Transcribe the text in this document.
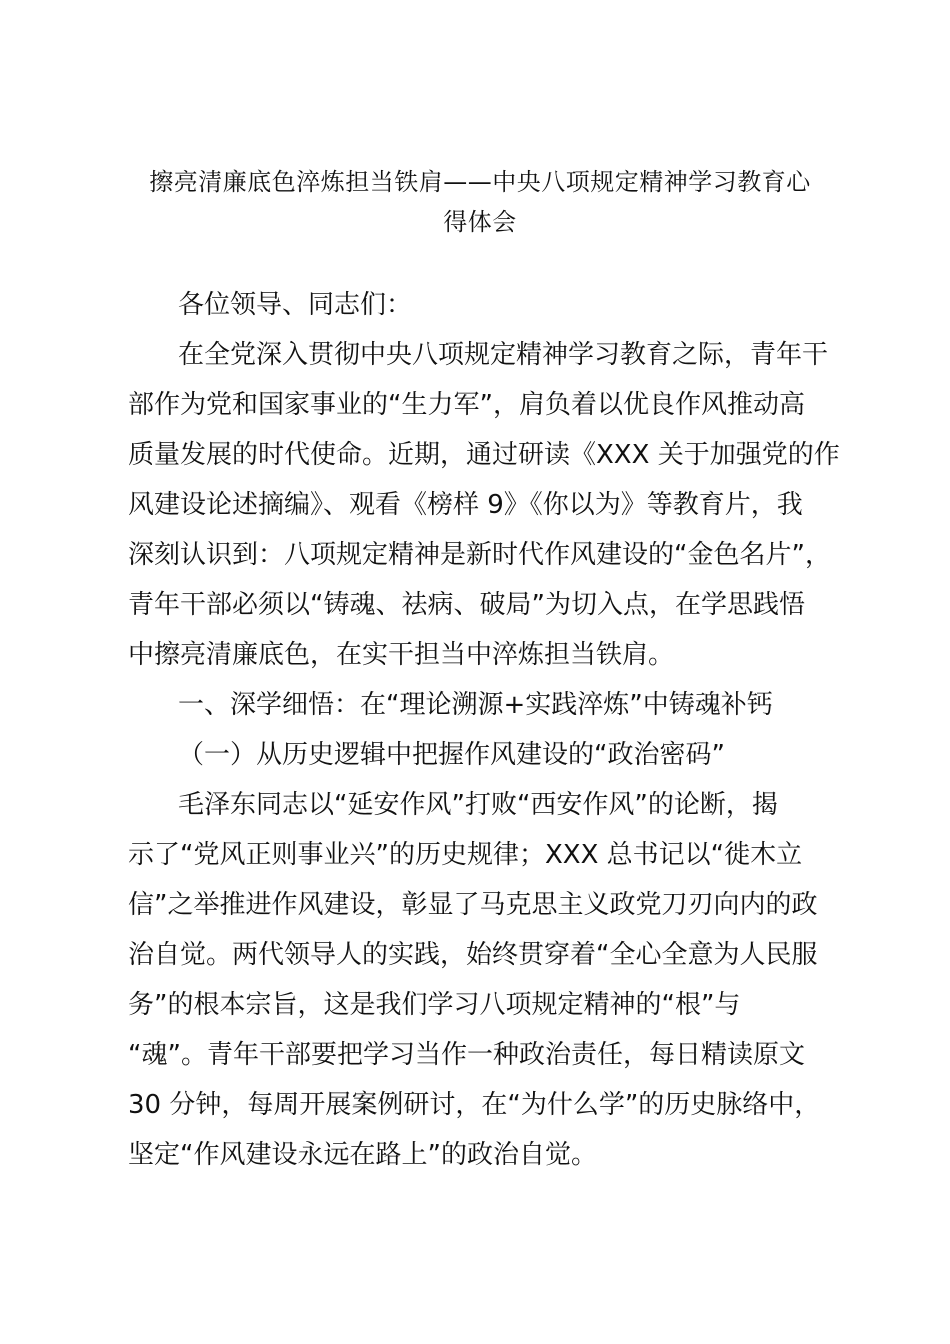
擦亮清廉底色淬炼担当铁肩——中央八项规定精神学习教育心
得体会
各位领导、同志们：
在全党深入贯彻中央八项规定精神学习教育之际，青年干
部作为党和国家事业的“生力军”，肩负着以优良作风推动高
质量发展的时代使命。近期，通过研读《XXX 关于加强党的作
风建设论述摘编》、观看《榜样 9》《你以为》等教育片，我
深刻认识到：八项规定精神是新时代作风建设的“金色名片”，
青年干部必须以“铸魂、祛病、破局”为切入点，在学思践悟
中擦亮清廉底色，在实干担当中淬炼担当铁肩。
一、深学细悟：在“理论溯源+实践淬炼”中铸魂补钙
（一）从历史逻辑中把握作风建设的“政治密码”
毛泽东同志以“延安作风”打败“西安作风”的论断，揭
示了“党风正则事业兴”的历史规律；XXX 总书记以“徙木立
信”之举推进作风建设，彰显了马克思主义政党刀刃向内的政
治自觉。两代领导人的实践，始终贯穿着“全心全意为人民服
务”的根本宗旨，这是我们学习八项规定精神的“根”与
“魂”。青年干部要把学习当作一种政治责任，每日精读原文
30 分钟，每周开展案例研讨，在“为什么学”的历史脉络中，
坚定“作风建设永远在路上”的政治自觉。
